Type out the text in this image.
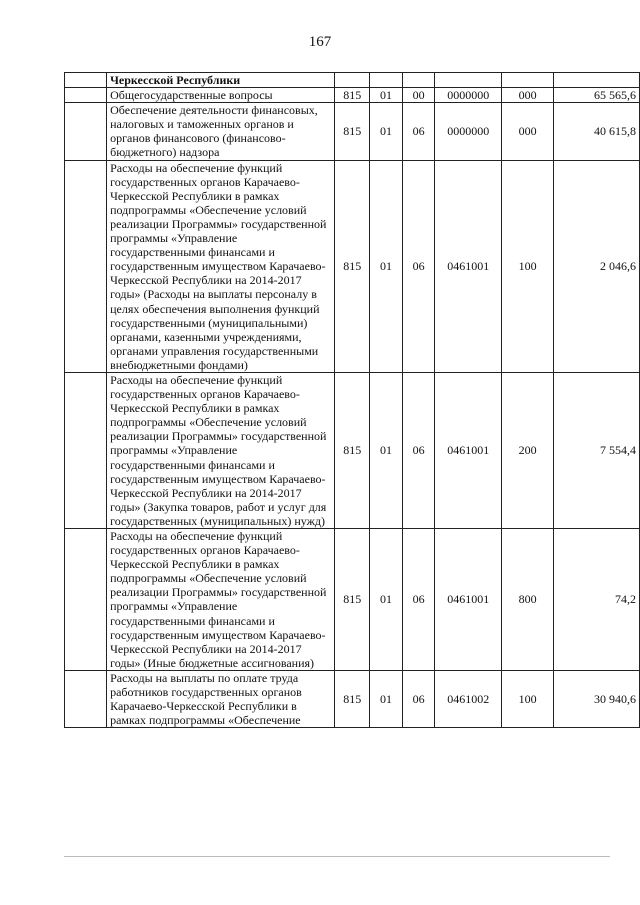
167
	Черкесской Республики						
	Общегосударственные вопросы	815	01	00	0000000	000	65 565,6
	Обеспечение деятельности финансовых, налоговых и таможенных органов и органов финансового (финансово-бюджетного) надзора	815	01	06	0000000	000	40 615,8
	Расходы на обеспечение функций государственных органов Карачаево-Черкесской Республики в рамках подпрограммы «Обеспечение условий реализации Программы» государственной программы «Управление государственными финансами и государственным имуществом Карачаево-Черкесской Республики на 2014-2017 годы» (Расходы на выплаты персоналу в целях обеспечения выполнения функций государственными (муниципальными) органами, казенными учреждениями, органами управления государственными внебюджетными фондами)	815	01	06	0461001	100	2 046,6
	Расходы на обеспечение функций государственных органов Карачаево-Черкесской Республики в рамках подпрограммы «Обеспечение условий реализации Программы» государственной программы «Управление государственными финансами и государственным имуществом Карачаево-Черкесской Республики на 2014-2017 годы» (Закупка товаров, работ и услуг для государственных (муниципальных) нужд)	815	01	06	0461001	200	7 554,4
	Расходы на обеспечение функций государственных органов Карачаево-Черкесской Республики в рамках подпрограммы «Обеспечение условий реализации Программы» государственной программы «Управление государственными финансами и государственным имуществом Карачаево-Черкесской Республики на 2014-2017 годы» (Иные бюджетные ассигнования)	815	01	06	0461001	800	74,2
	Расходы на выплаты по оплате труда работников государственных органов Карачаево-Черкесской Республики в рамках подпрограммы «Обеспечение	815	01	06	0461002	100	30 940,6
